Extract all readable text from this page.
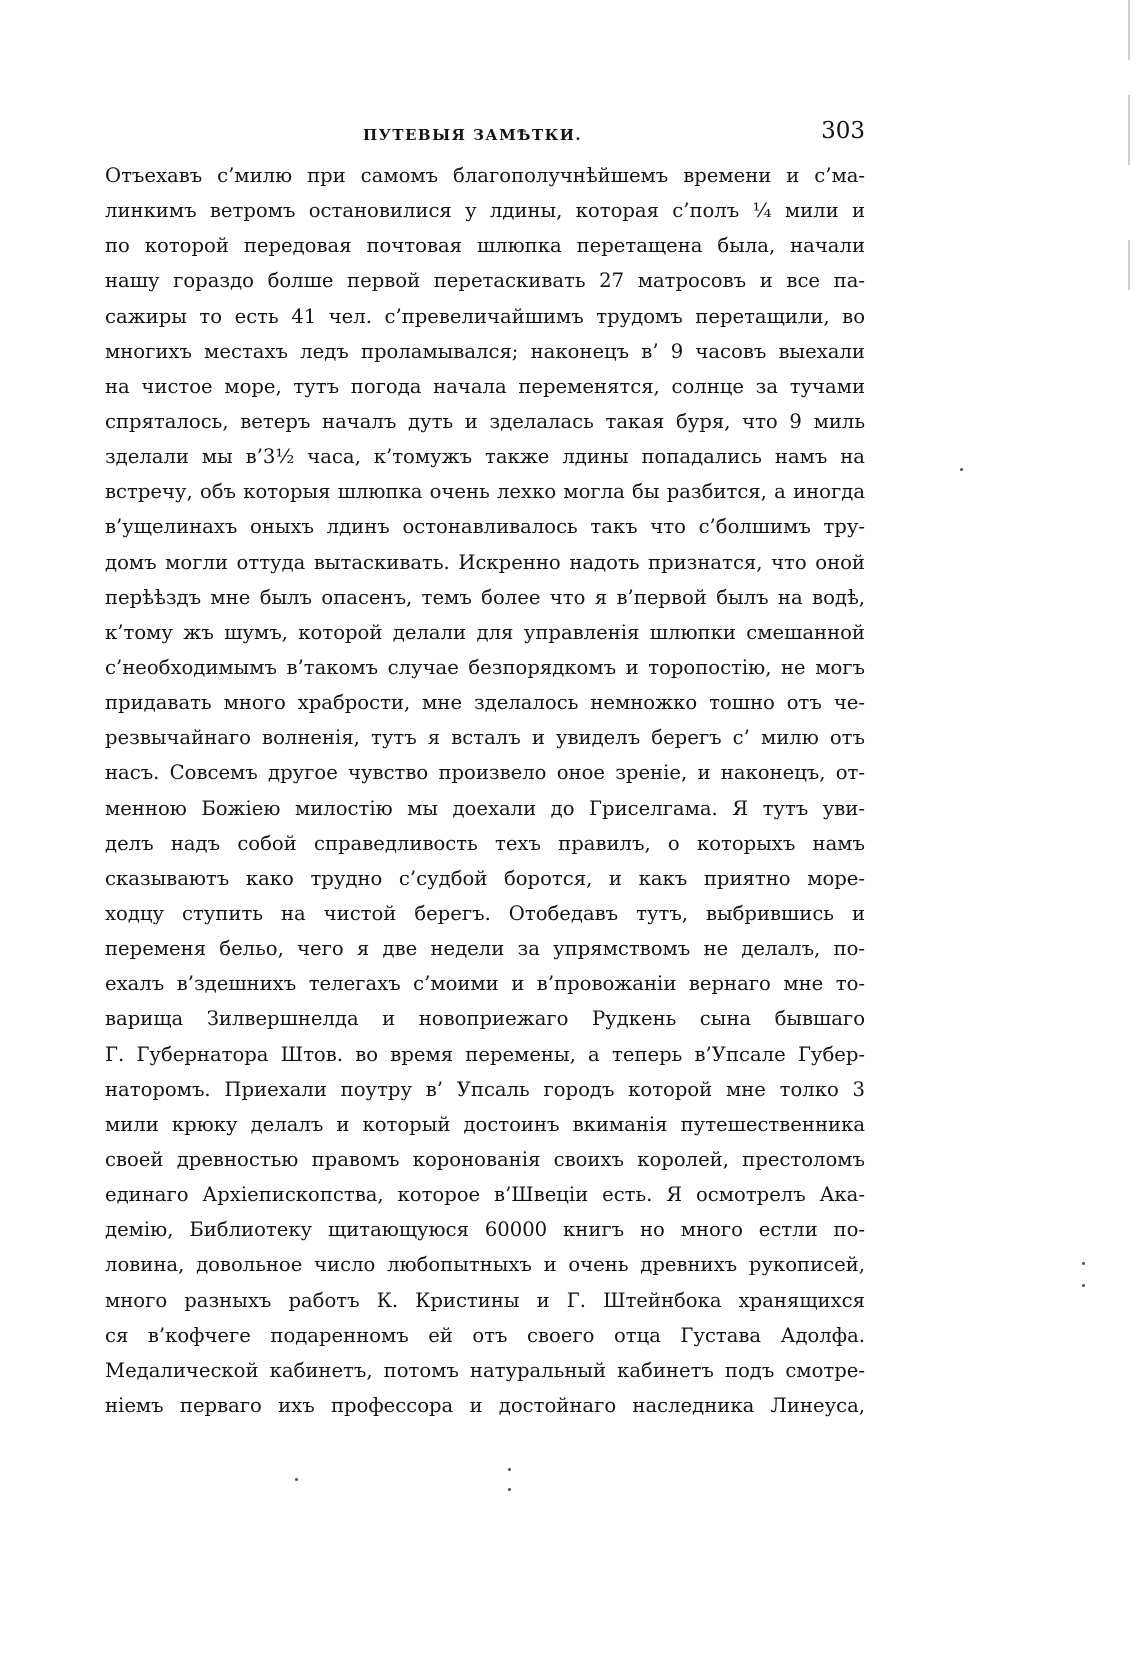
ПУТЕВЫЯ ЗАМѢТКИ.	303
Отъехавъ с’милю при самомъ благополучнѣйшемъ времени и с’ма-
линкимъ ветромъ остановилися у лдины, которая с’полъ ¼ мили и
по которой передовая почтовая шлюпка перетащена была, начали
нашу гораздо болше первой перетаскивать 27 матросовъ и все па-
сажиры то есть 41 чел. с’превеличайшимъ трудомъ перетащили, во
многихъ местахъ ледъ проламывался; наконецъ в’ 9 часовъ выехали
на чистое море, тутъ погода начала переменятся, солнце за тучами
спряталось, ветеръ началъ дуть и зделалась такая буря, что 9 миль
зделали мы в’3½ часа, к’томужъ также лдины попадались намъ на
встречу, объ которыя шлюпка очень лехко могла бы разбится, а иногда
в’ущелинахъ оныхъ лдинъ остонавливалось такъ что с’болшимъ тру-
домъ могли оттуда вытаскивать. Искренно надоть признатся, что оной
перѣѣздъ мне былъ опасенъ, темъ более что я в’первой былъ на водѣ,
к’тому жъ шумъ, которой делали для управленія шлюпки смешанной
с’необходимымъ в’такомъ случае безпорядкомъ и торопостію, не могъ
придавать много храбрости, мне зделалось немножко тошно отъ че-
резвычайнаго волненія, тутъ я всталъ и увиделъ берегъ с’ милю отъ
насъ. Совсемъ другое чувство произвело оное зреніе, и наконецъ, от-
менною Божіею милостію мы доехали до Гриселгама. Я тутъ уви-
делъ надъ собой справедливость техъ правилъ, о которыхъ намъ
сказываютъ како трудно с’судбой боротся, и какъ приятно море-
ходцу ступить на чистой берегъ. Отобедавъ тутъ, выбрившись и
переменя бельо, чего я две недели за упрямствомъ не делалъ, по-
ехалъ в’здешнихъ телегахъ с’моими и в’провожаніи вернаго мне то-
варища Зилвершнелда и новоприежаго Рудкень сына бывшаго
Г. Губернатора Штов. во время перемены, а теперь в’Упсале Губер-
наторомъ. Приехали поутру в’ Упсаль городъ которой мне толко 3
мили крюку делалъ и который достоинъ вкиманія путешественника
своей древностью правомъ коронованія своихъ королей, престоломъ
единаго Архіепископства, которое в’Швеціи есть. Я осмотрелъ Ака-
демію, Библиотеку щитающуюся 60000 книгъ но много естли по-
ловина, довольное число любопытныхъ и очень древнихъ рукописей,
много разныхъ работъ К. Кристины и Г. Штейнбока хранящихся
ся в’кофчеге подаренномъ ей отъ своего отца Густава Адолфа.
Медалической кабинетъ, потомъ натуральный кабинетъ подъ смотре-
ніемъ перваго ихъ профессора и достойнаго наследника Линеуса,
